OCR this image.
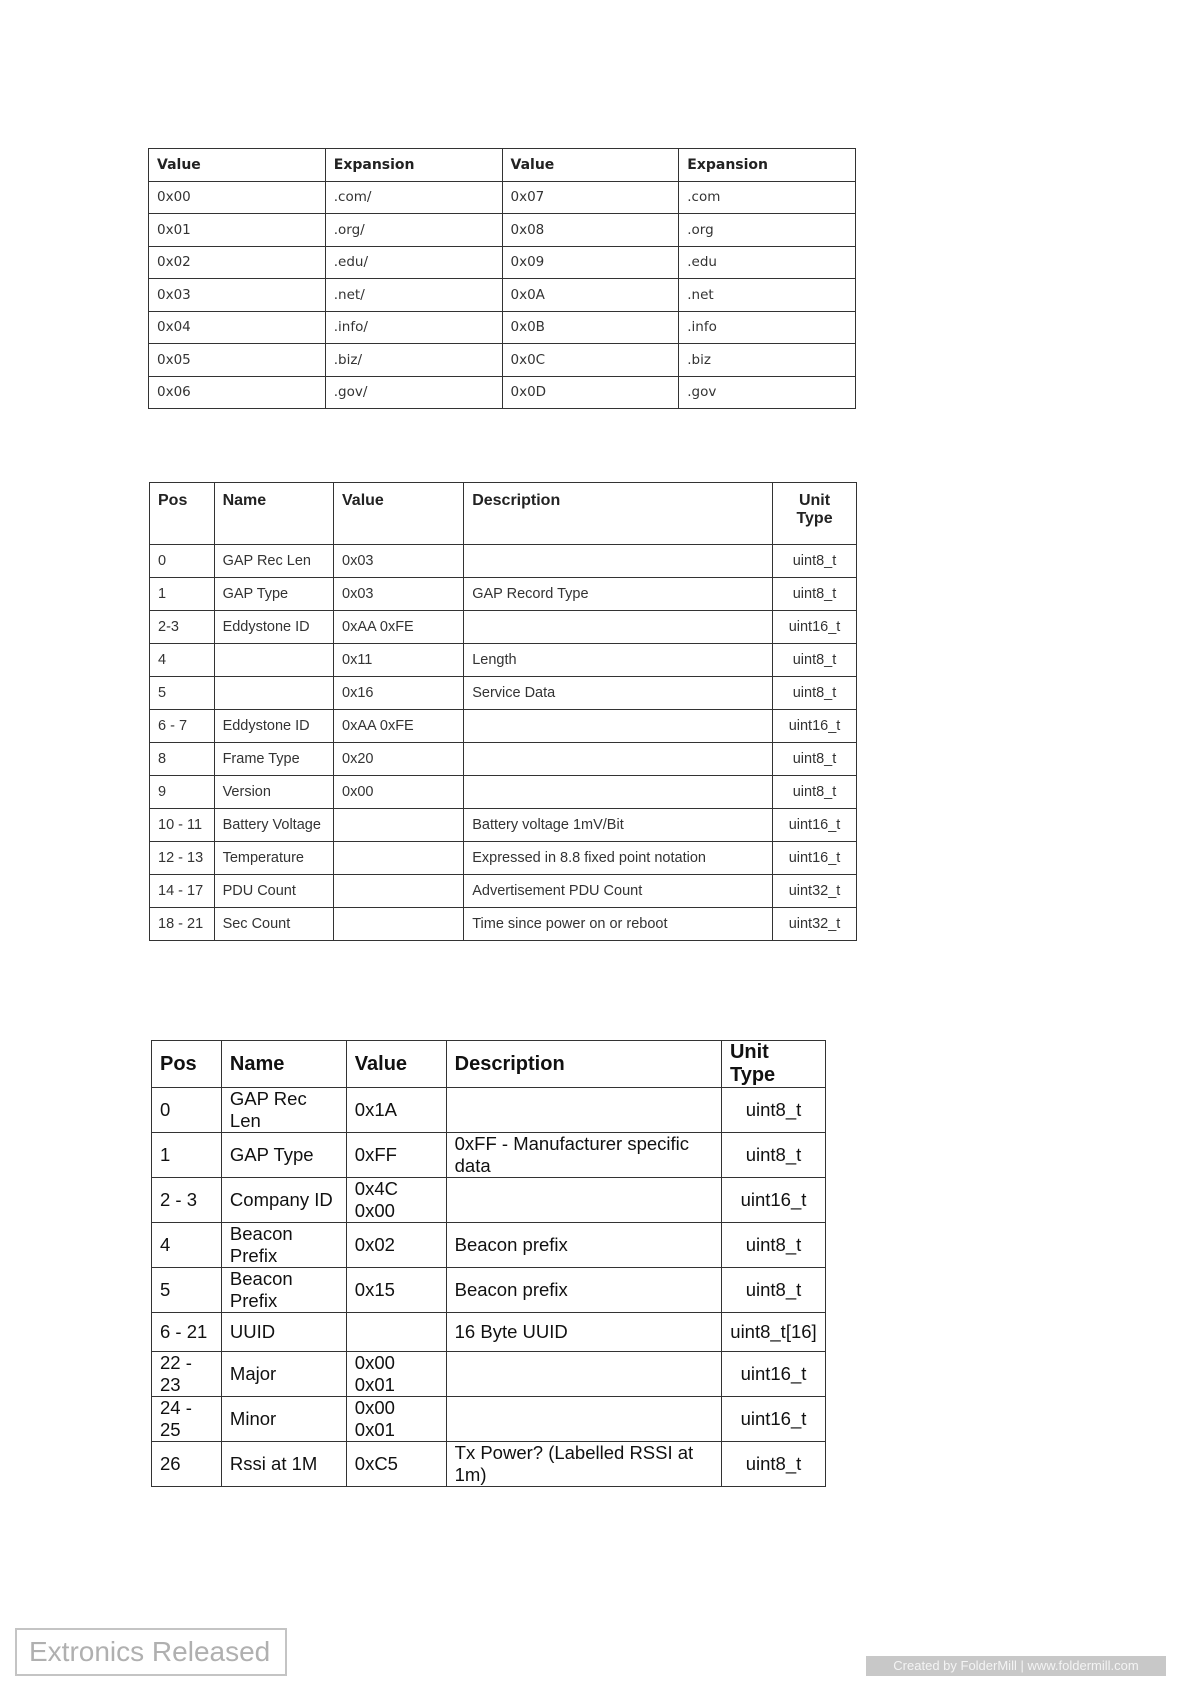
Value	Expansion	Value	Expansion
0x00	.com/	0x07	.com
0x01	.org/	0x08	.org
0x02	.edu/	0x09	.edu
0x03	.net/	0x0A	.net
0x04	.info/	0x0B	.info
0x05	.biz/	0x0C	.biz
0x06	.gov/	0x0D	.gov
Pos	Name	Value	Description	Unit Type
0	GAP Rec Len	0x03		uint8_t
1	GAP Type	0x03	GAP Record Type	uint8_t
2-3	Eddystone ID	0xAA 0xFE		uint16_t
4		0x11	Length	uint8_t
5		0x16	Service Data	uint8_t
6 - 7	Eddystone ID	0xAA 0xFE		uint16_t
8	Frame Type	0x20		uint8_t
9	Version	0x00		uint8_t
10 - 11	Battery Voltage		Battery voltage 1mV/Bit	uint16_t
12 - 13	Temperature		Expressed in 8.8 fixed point notation	uint16_t
14 - 17	PDU Count		Advertisement PDU Count	uint32_t
18 - 21	Sec Count		Time since power on or reboot	uint32_t
Pos	Name	Value	Description	Unit Type
0	GAP Rec Len	0x1A		uint8_t
1	GAP Type	0xFF	0xFF - Manufacturer specific data	uint8_t
2 - 3	Company ID	0x4C 0x00		uint16_t
4	Beacon Prefix	0x02	Beacon prefix	uint8_t
5	Beacon Prefix	0x15	Beacon prefix	uint8_t
6 - 21	UUID		16 Byte UUID	uint8_t[16]
22 - 23	Major	0x00 0x01		uint16_t
24 - 25	Minor	0x00 0x01		uint16_t
26	Rssi at 1M	0xC5	Tx Power? (Labelled RSSI at 1m)	uint8_t
Extronics Released	Created by FolderMill | www.foldermill.com
